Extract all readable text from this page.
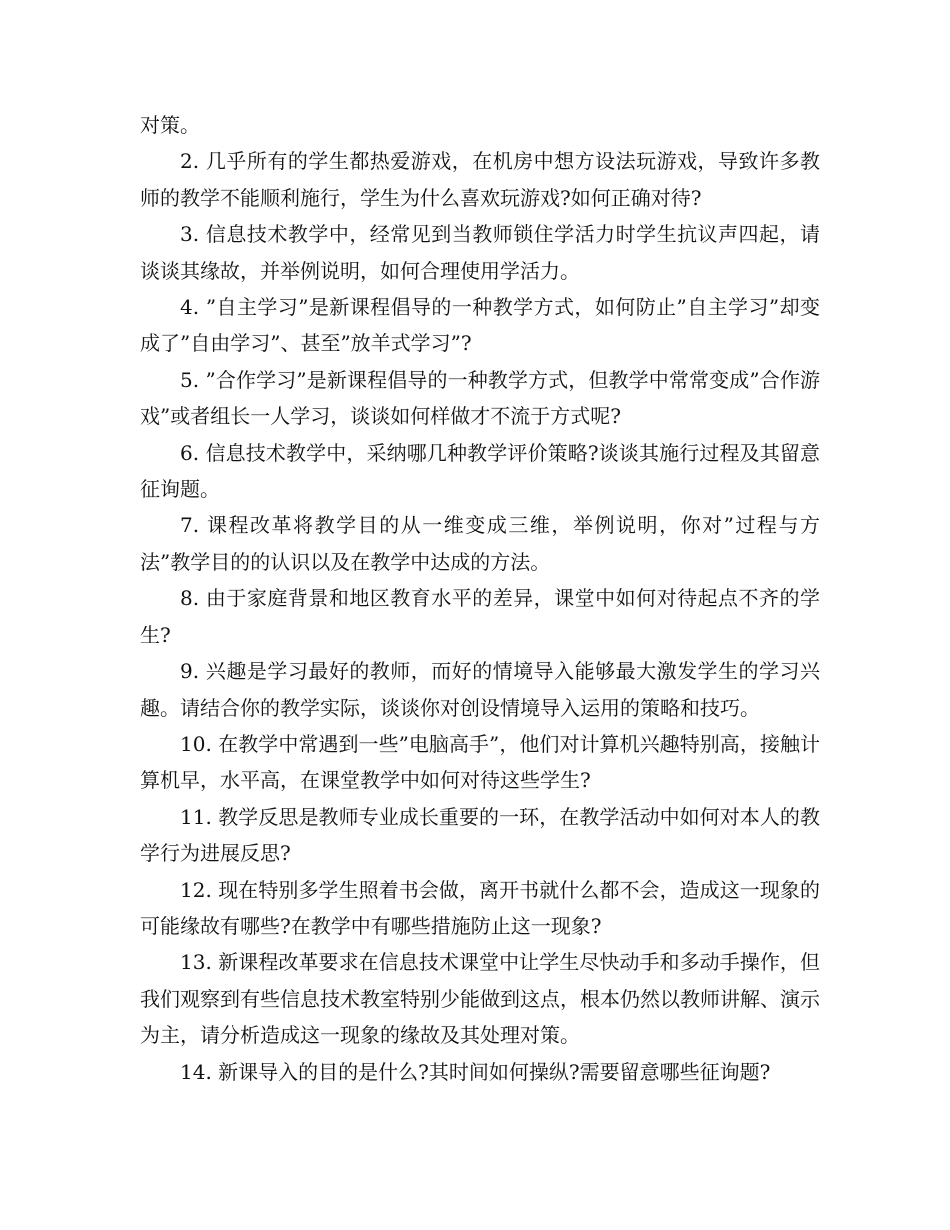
对策。

2. 几乎所有的学生都热爱游戏，在机房中想方设法玩游戏，导致许多教师的教学不能顺利施行，学生为什么喜欢玩游戏?如何正确对待?

3. 信息技术教学中，经常见到当教师锁住学活力时学生抗议声四起，请谈谈其缘故，并举例说明，如何合理使用学活力。

4. ”自主学习”是新课程倡导的一种教学方式，如何防止”自主学习”却变成了”自由学习”、甚至”放羊式学习”?

5. ”合作学习”是新课程倡导的一种教学方式，但教学中常常变成”合作游戏”或者组长一人学习，谈谈如何样做才不流于方式呢?

6. 信息技术教学中，采纳哪几种教学评价策略?谈谈其施行过程及其留意征询题。

7. 课程改革将教学目的从一维变成三维，举例说明，你对”过程与方法”教学目的的认识以及在教学中达成的方法。

8. 由于家庭背景和地区教育水平的差异，课堂中如何对待起点不齐的学生?

9. 兴趣是学习最好的教师，而好的情境导入能够最大激发学生的学习兴趣。请结合你的教学实际，谈谈你对创设情境导入运用的策略和技巧。

10. 在教学中常遇到一些”电脑高手”，他们对计算机兴趣特别高，接触计算机早，水平高，在课堂教学中如何对待这些学生?

11. 教学反思是教师专业成长重要的一环，在教学活动中如何对本人的教学行为进展反思?

12. 现在特别多学生照着书会做，离开书就什么都不会，造成这一现象的可能缘故有哪些?在教学中有哪些措施防止这一现象?

13. 新课程改革要求在信息技术课堂中让学生尽快动手和多动手操作，但我们观察到有些信息技术教室特别少能做到这点，根本仍然以教师讲解、演示为主，请分析造成这一现象的缘故及其处理对策。

14. 新课导入的目的是什么?其时间如何操纵?需要留意哪些征询题?
